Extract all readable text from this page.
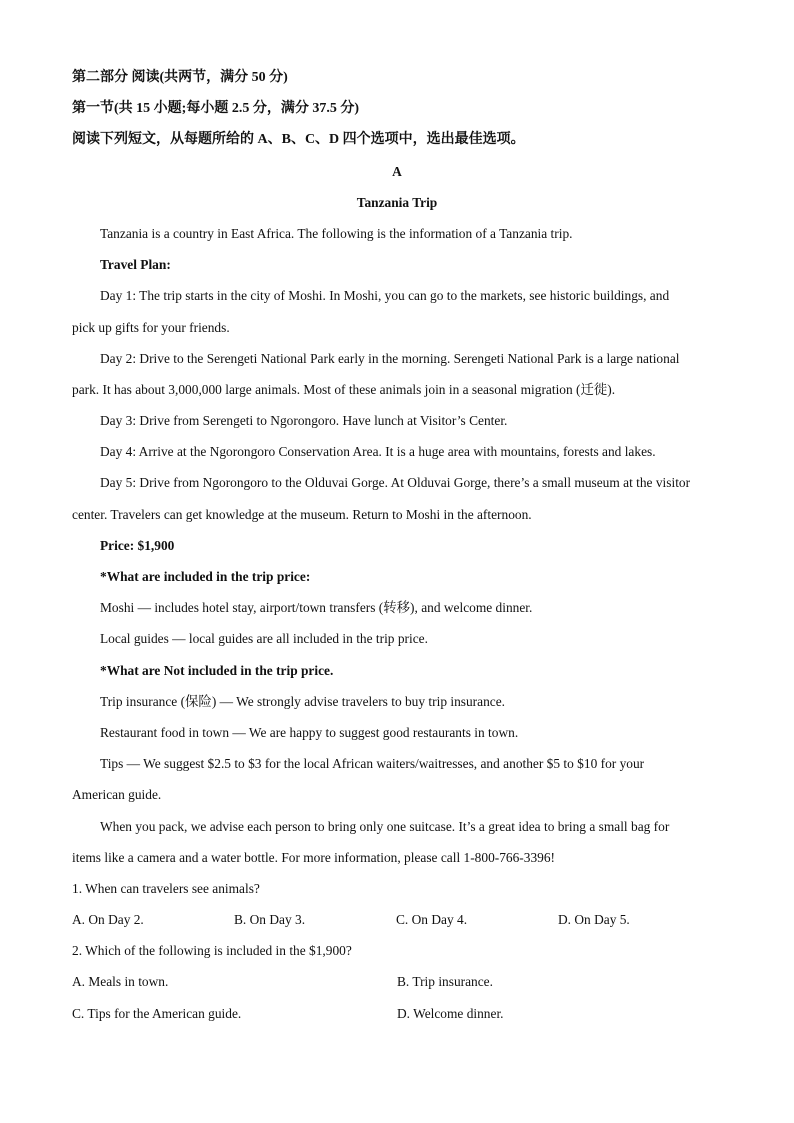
第二部分 阅读(共两节，满分 50 分)
第一节(共 15 小题;每小题 2.5 分，满分 37.5 分)
阅读下列短文，从每题所给的 A、B、C、D 四个选项中，选出最佳选项。
A
Tanzania Trip
Tanzania is a country in East Africa. The following is the information of a Tanzania trip.
Travel Plan:
Day 1: The trip starts in the city of Moshi. In Moshi, you can go to the markets, see historic buildings, and
pick up gifts for your friends.
Day 2: Drive to the Serengeti National Park early in the morning. Serengeti National Park is a large national
park. It has about 3,000,000 large animals. Most of these animals join in a seasonal migration (迁徙).
Day 3: Drive from Serengeti to Ngorongoro. Have lunch at Visitor’s Center.
Day 4: Arrive at the Ngorongoro Conservation Area. It is a huge area with mountains, forests and lakes.
Day 5: Drive from Ngorongoro to the Olduvai Gorge. At Olduvai Gorge, there’s a small museum at the visitor
center. Travelers can get knowledge at the museum. Return to Moshi in the afternoon.
Price: $1,900
*What are included in the trip price:
Moshi — includes hotel stay, airport/town transfers (转移), and welcome dinner.
Local guides — local guides are all included in the trip price.
*What are Not included in the trip price.
Trip insurance (保险) — We strongly advise travelers to buy trip insurance.
Restaurant food in town — We are happy to suggest good restaurants in town.
Tips — We suggest $2.5 to $3 for the local African waiters/waitresses, and another $5 to $10 for your
American guide.
When you pack, we advise each person to bring only one suitcase. It’s a great idea to bring a small bag for
items like a camera and a water bottle. For more information, please call 1-800-766-3396!
1. When can travelers see animals?
A. On Day 2.	B. On Day 3.	C. On Day 4.	D. On Day 5.
2. Which of the following is included in the $1,900?
A. Meals in town.	B. Trip insurance.
C. Tips for the American guide.	D. Welcome dinner.
